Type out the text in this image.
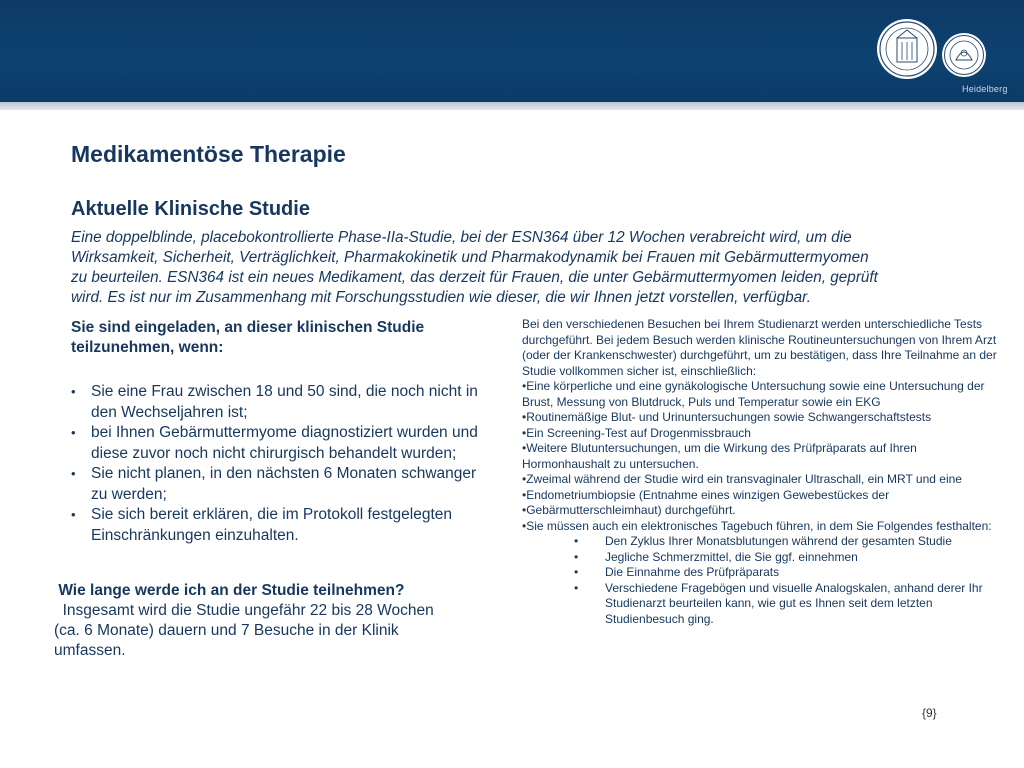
Heidelberg
Medikamentöse Therapie
Aktuelle Klinische Studie

Eine doppelblinde, placebokontrollierte Phase-IIa-Studie, bei der ESN364 über 12 Wochen verabreicht wird, um die
Wirksamkeit, Sicherheit, Verträglichkeit, Pharmakokinetik und Pharmakodynamik bei Frauen mit Gebärmuttermyomen
zu beurteilen. ESN364 ist ein neues Medikament, das derzeit für Frauen, die unter Gebärmuttermyomen leiden, geprüft
wird. Es ist nur im Zusammenhang mit Forschungsstudien wie dieser, die wir Ihnen jetzt vorstellen, verfügbar.

Sie sind eingeladen, an dieser klinischen Studie teilzunehmen, wenn:

• Sie eine Frau zwischen 18 und 50 sind, die noch nicht in den Wechseljahren ist;
• bei Ihnen Gebärmuttermyome diagnostiziert wurden und diese zuvor noch nicht chirurgisch behandelt wurden;
• Sie nicht planen, in den nächsten 6 Monaten schwanger zu werden;
• Sie sich bereit erklären, die im Protokoll festgelegten Einschränkungen einzuhalten.

Wie lange werde ich an der Studie teilnehmen?

Insgesamt wird die Studie ungefähr 22 bis 28 Wochen (ca. 6 Monate) dauern und 7 Besuche in der Klinik umfassen.

Bei den verschiedenen Besuchen bei Ihrem Studienarzt werden unterschiedliche Tests durchgeführt. Bei jedem Besuch werden klinische Routineuntersuchungen von Ihrem Arzt (oder der Krankenschwester) durchgeführt, um zu bestätigen, dass Ihre Teilnahme an der Studie vollkommen sicher ist, einschließlich:

•Eine körperliche und eine gynäkologische Untersuchung sowie eine Untersuchung der Brust, Messung von Blutdruck, Puls und Temperatur sowie ein EKG

•Routinemäßige Blut- und Urinuntersuchungen sowie Schwangerschaftstests

•Ein Screening-Test auf Drogenmissbrauch

•Weitere Blutuntersuchungen, um die Wirkung des Prüfpräparats auf Ihren Hormonhaushalt zu untersuchen.

•Zweimal während der Studie wird ein transvaginaler Ultraschall, ein MRT und eine

•Endometriumbiopsie (Entnahme eines winzigen Gewebestückes der •Gebärmutterschleimhaut) durchgeführt.

•Sie müssen auch ein elektronisches Tagebuch führen, in dem Sie Folgendes festhalten:

• Den Zyklus Ihrer Monatsblutungen während der gesamten Studie
• Jegliche Schmerzmittel, die Sie ggf. einnehmen
• Die Einnahme des Prüfpräparats
• Verschiedene Fragebögen und visuelle Analogskalen, anhand derer Ihr Studienarzt beurteilen kann, wie gut es Ihnen seit dem letzten Studienbesuch ging.
{9}
